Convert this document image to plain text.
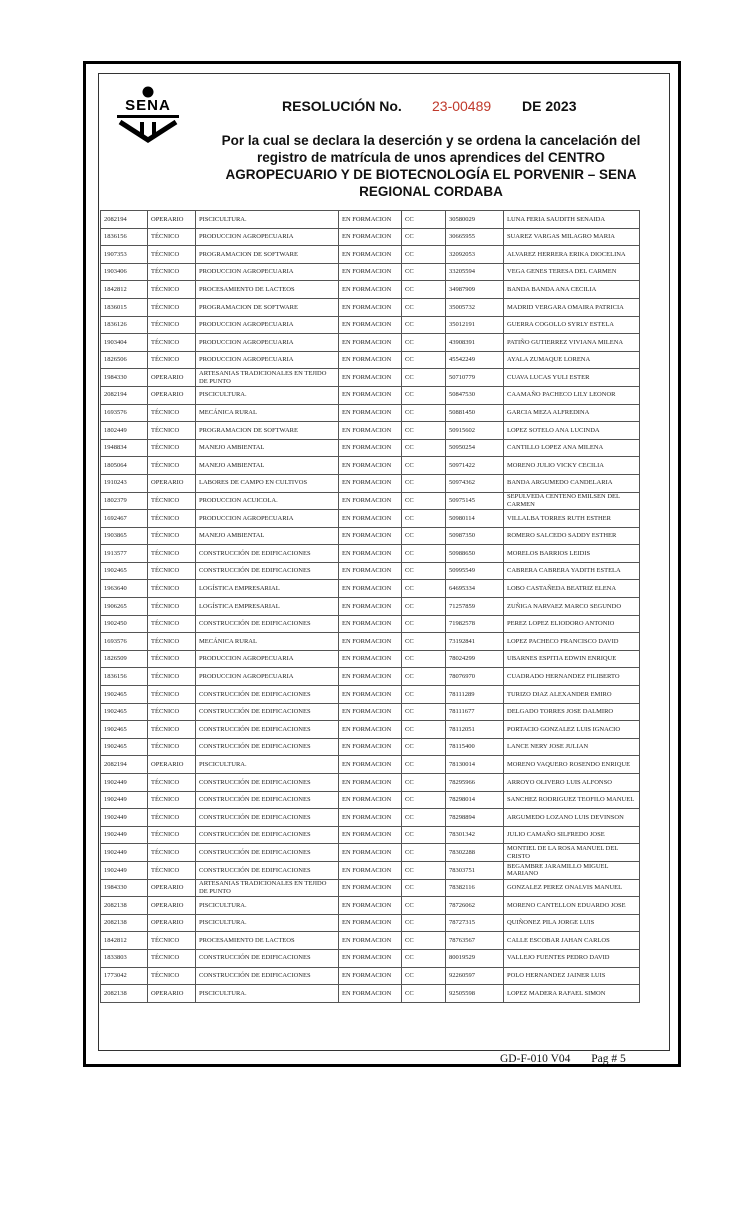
SENA	RESOLUCIÓN No. 23-00489 DE 2023
Por la cual se declara la deserción y se ordena la cancelación del registro de matrícula de unos aprendices del CENTRO AGROPECUARIO Y DE BIOTECNOLOGÍA EL PORVENIR – SENA REGIONAL CORDABA
2082194	OPERARIO	PISCICULTURA.	EN FORMACION	CC	30580029	LUNA FERIA SAUDITH SENAIDA
1836156	TÉCNICO	PRODUCCION AGROPECUARIA	EN FORMACION	CC	30665955	SUAREZ VARGAS MILAGRO MARIA
1907353	TÉCNICO	PROGRAMACION DE SOFTWARE	EN FORMACION	CC	32092053	ALVAREZ HERRERA ERIKA DIOCELINA
1903406	TÉCNICO	PRODUCCION AGROPECUARIA	EN FORMACION	CC	33205594	VEGA GENES TERESA DEL CARMEN
1842812	TÉCNICO	PROCESAMIENTO DE LACTEOS	EN FORMACION	CC	34987909	BANDA BANDA ANA CECILIA
1836015	TÉCNICO	PROGRAMACION DE SOFTWARE	EN FORMACION	CC	35005732	MADRID VERGARA OMAIRA PATRICIA
1836126	TÉCNICO	PRODUCCION AGROPECUARIA	EN FORMACION	CC	35012191	GUERRA COGOLLO SYRLY ESTELA
1903404	TÉCNICO	PRODUCCION AGROPECUARIA	EN FORMACION	CC	43908391	PATIÑO GUTIERREZ VIVIANA MILENA
1826506	TÉCNICO	PRODUCCION AGROPECUARIA	EN FORMACION	CC	45542249	AYALA ZUMAQUE LORENA
1984330	OPERARIO	ARTESANIAS TRADICIONALES EN TEJIDO DE PUNTO	EN FORMACION	CC	50710779	CUAVA LUCAS YULI ESTER
2082194	OPERARIO	PISCICULTURA.	EN FORMACION	CC	50847530	CAAMAÑO PACHECO LILY LEONOR
1693576	TÉCNICO	MECÁNICA RURAL	EN FORMACION	CC	50881450	GARCIA MEZA ALFREDINA
1802449	TÉCNICO	PROGRAMACION DE SOFTWARE	EN FORMACION	CC	50915602	LOPEZ SOTELO ANA LUCINDA
1948834	TÉCNICO	MANEJO AMBIENTAL	EN FORMACION	CC	50950254	CANTILLO LOPEZ ANA MILENA
1805064	TÉCNICO	MANEJO AMBIENTAL	EN FORMACION	CC	50971422	MORENO JULIO VICKY CECILIA
1910243	OPERARIO	LABORES DE CAMPO EN CULTIVOS	EN FORMACION	CC	50974362	BANDA ARGUMEDO CANDELARIA
1802379	TÉCNICO	PRODUCCION ACUICOLA.	EN FORMACION	CC	50975145	SEPULVEDA CENTENO EMILSEN DEL CARMEN
1692467	TÉCNICO	PRODUCCION AGROPECUARIA	EN FORMACION	CC	50980114	VILLALBA TORRES RUTH ESTHER
1903865	TÉCNICO	MANEJO AMBIENTAL	EN FORMACION	CC	50987350	ROMERO SALCEDO SADDY ESTHER
1913577	TÉCNICO	CONSTRUCCIÓN DE EDIFICACIONES	EN FORMACION	CC	50988650	MORELOS BARRIOS LEIDIS
1902465	TÉCNICO	CONSTRUCCIÓN DE EDIFICACIONES	EN FORMACION	CC	50995549	CABRERA CABRERA YADITH ESTELA
1963640	TÉCNICO	LOGÍSTICA EMPRESARIAL	EN FORMACION	CC	64695334	LOBO CASTAÑEDA BEATRIZ ELENA
1906265	TÉCNICO	LOGÍSTICA EMPRESARIAL	EN FORMACION	CC	71257859	ZUÑIGA NARVAEZ MARCO SEGUNDO
1902450	TÉCNICO	CONSTRUCCIÓN DE EDIFICACIONES	EN FORMACION	CC	71982578	PEREZ LOPEZ ELIODORO ANTONIO
1693576	TÉCNICO	MECÁNICA RURAL	EN FORMACION	CC	73192841	LOPEZ PACHECO FRANCISCO DAVID
1826509	TÉCNICO	PRODUCCION AGROPECUARIA	EN FORMACION	CC	78024299	UBARNES ESPITIA EDWIN ENRIQUE
1836156	TÉCNICO	PRODUCCION AGROPECUARIA	EN FORMACION	CC	78076970	CUADRADO HERNANDEZ FILIBERTO
1902465	TÉCNICO	CONSTRUCCIÓN DE EDIFICACIONES	EN FORMACION	CC	78111289	TURIZO DIAZ ALEXANDER EMIRO
1902465	TÉCNICO	CONSTRUCCIÓN DE EDIFICACIONES	EN FORMACION	CC	78111677	DELGADO TORRES JOSE DALMIRO
1902465	TÉCNICO	CONSTRUCCIÓN DE EDIFICACIONES	EN FORMACION	CC	78112051	PORTACIO GONZALEZ LUIS IGNACIO
1902465	TÉCNICO	CONSTRUCCIÓN DE EDIFICACIONES	EN FORMACION	CC	78115400	LANCE NERY JOSE JULIAN
2082194	OPERARIO	PISCICULTURA.	EN FORMACION	CC	78130014	MORENO VAQUERO ROSENDO ENRIQUE
1902449	TÉCNICO	CONSTRUCCIÓN DE EDIFICACIONES	EN FORMACION	CC	78295966	ARROYO OLIVERO LUIS ALFONSO
1902449	TÉCNICO	CONSTRUCCIÓN DE EDIFICACIONES	EN FORMACION	CC	78298014	SANCHEZ RODRIGUEZ TEOFILO MANUEL
1902449	TÉCNICO	CONSTRUCCIÓN DE EDIFICACIONES	EN FORMACION	CC	78298894	ARGUMEDO LOZANO LUIS DEVINSON
1902449	TÉCNICO	CONSTRUCCIÓN DE EDIFICACIONES	EN FORMACION	CC	78301342	JULIO CAMAÑO SILFREDO JOSE
1902449	TÉCNICO	CONSTRUCCIÓN DE EDIFICACIONES	EN FORMACION	CC	78302288	MONTIEL DE LA ROSA MANUEL DEL CRISTO
1902449	TÉCNICO	CONSTRUCCIÓN DE EDIFICACIONES	EN FORMACION	CC	78303751	BEGAMBRE JARAMILLO MIGUEL MARIANO
1984330	OPERARIO	ARTESANIAS TRADICIONALES EN TEJIDO DE PUNTO	EN FORMACION	CC	78382116	GONZALEZ PEREZ ONALVIS MANUEL
2082138	OPERARIO	PISCICULTURA.	EN FORMACION	CC	78726062	MORENO CANTELLON EDUARDO JOSE
2082138	OPERARIO	PISCICULTURA.	EN FORMACION	CC	78727315	QUIÑONEZ PILA JORGE LUIS
1842812	TÉCNICO	PROCESAMIENTO DE LACTEOS	EN FORMACION	CC	78763567	CALLE ESCOBAR JAHAN CARLOS
1833803	TÉCNICO	CONSTRUCCIÓN DE EDIFICACIONES	EN FORMACION	CC	80019529	VALLEJO FUENTES PEDRO DAVID
1773042	TÉCNICO	CONSTRUCCIÓN DE EDIFICACIONES	EN FORMACION	CC	92260597	POLO HERNANDEZ JAINER LUIS
2082138	OPERARIO	PISCICULTURA.	EN FORMACION	CC	92505598	LOPEZ MADERA RAFAEL SIMON
GD-F-010 V04 Pag # 5
